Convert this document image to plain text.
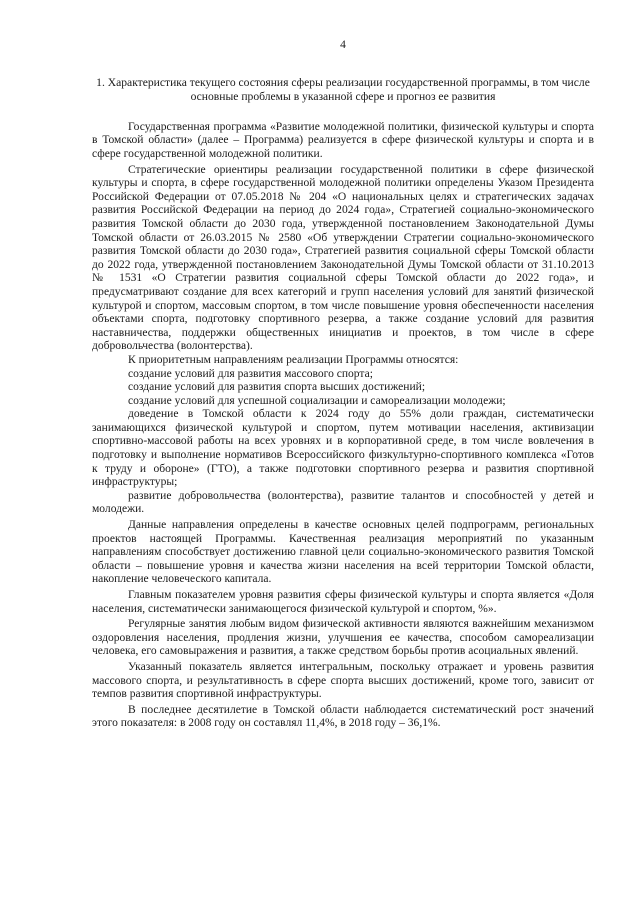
4
1. Характеристика текущего состояния сферы реализации государственной программы, в том числе основные проблемы в указанной сфере и прогноз ее развития

Государственная программа «Развитие молодежной политики, физической культуры и спорта в Томской области» (далее – Программа) реализуется в сфере физической культуры и спорта и в сфере государственной молодежной политики.

Стратегические ориентиры реализации государственной политики в сфере физической культуры и спорта, в сфере государственной молодежной политики определены Указом Президента Российской Федерации от 07.05.2018 № 204 «О национальных целях и стратегических задачах развития Российской Федерации на период до 2024 года», Стратегией социально-экономического развития Томской области до 2030 года, утвержденной постановлением Законодательной Думы Томской области от 26.03.2015 № 2580 «Об утверждении Стратегии социально-экономического развития Томской области до 2030 года», Стратегией развития социальной сферы Томской области до 2022 года, утвержденной постановлением Законодательной Думы Томской области от 31.10.2013 № 1531 «О Стратегии развития социальной сферы Томской области до 2022 года», и предусматривают создание для всех категорий и групп населения условий для занятий физической культурой и спортом, массовым спортом, в том числе повышение уровня обеспеченности населения объектами спорта, подготовку спортивного резерва, а также создание условий для развития наставничества, поддержки общественных инициатив и проектов, в том числе в сфере добровольчества (волонтерства).

К приоритетным направлениям реализации Программы относятся:

создание условий для развития массового спорта;

создание условий для развития спорта высших достижений;

создание условий для успешной социализации и самореализации молодежи;

доведение в Томской области к 2024 году до 55% доли граждан, систематически занимающихся физической культурой и спортом, путем мотивации населения, активизации спортивно-массовой работы на всех уровнях и в корпоративной среде, в том числе вовлечения в подготовку и выполнение нормативов Всероссийского физкультурно-спортивного комплекса «Готов к труду и обороне» (ГТО), а также подготовки спортивного резерва и развития спортивной инфраструктуры;

развитие добровольчества (волонтерства), развитие талантов и способностей у детей и молодежи.

Данные направления определены в качестве основных целей подпрограмм, региональных проектов настоящей Программы. Качественная реализация мероприятий по указанным направлениям способствует достижению главной цели социально-экономического развития Томской области – повышение уровня и качества жизни населения на всей территории Томской области, накопление человеческого капитала.

Главным показателем уровня развития сферы физической культуры и спорта является «Доля населения, систематически занимающегося физической культурой и спортом, %».

Регулярные занятия любым видом физической активности являются важнейшим механизмом оздоровления населения, продления жизни, улучшения ее качества, способом самореализации человека, его самовыражения и развития, а также средством борьбы против асоциальных явлений.

Указанный показатель является интегральным, поскольку отражает и уровень развития массового спорта, и результативность в сфере спорта высших достижений, кроме того, зависит от темпов развития спортивной инфраструктуры.

В последнее десятилетие в Томской области наблюдается систематический рост значений этого показателя: в 2008 году он составлял 11,4%, в 2018 году – 36,1%.
